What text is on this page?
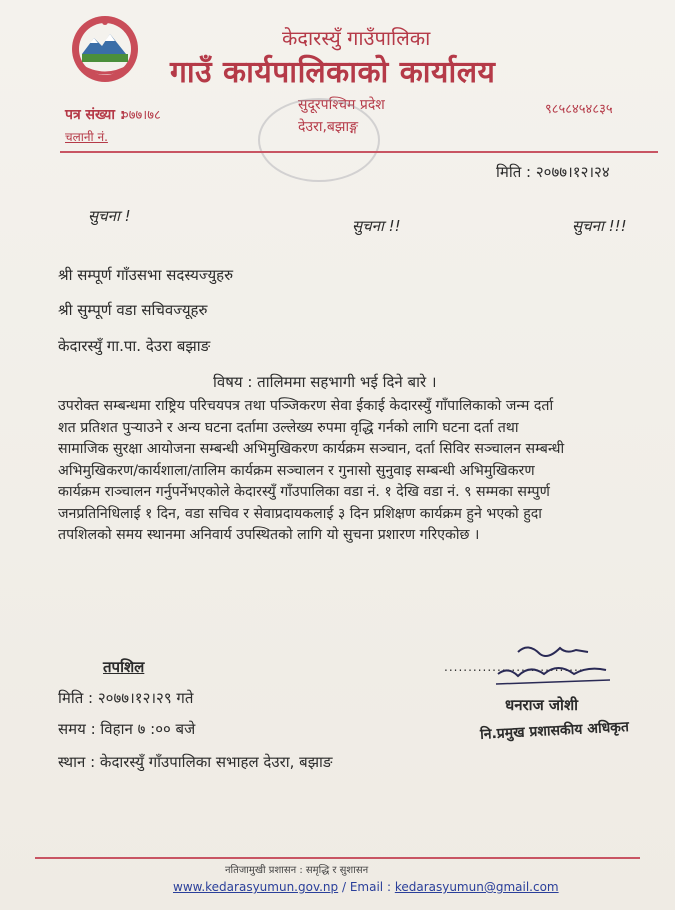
केदारस्युँ गाउँपालिका
गाउँ कार्यपालिकाको कार्यालय
सुदूरपश्चिम प्रदेश
देउरा,बझाङ्ग
९८५८४५४८३५
पत्र संख्या :
०७७।७८
चलानी नं.
मिति : २०७७।१२।२४
सुचना !
सुचना !!	सुचना !!!
श्री सम्पूर्ण गाँउसभा सदस्यज्युहरु
श्री सुम्पूर्ण वडा सचिवज्यूहरु
केदारस्युँ गा.पा. देउरा बझाङ
विषय : तालिममा सहभागी भई दिने बारे ।
उपरोक्त सम्बन्धमा राष्ट्रिय परिचयपत्र तथा पञ्जिकरण सेवा ईकाई केदारस्युँ गाँपालिकाको जन्म दर्ता
शत प्रतिशत पुऱ्याउने र अन्य घटना दर्तामा उल्लेख्य रुपमा वृद्धि गर्नको लागि घटना दर्ता तथा
सामाजिक सुरक्षा आयोजना सम्बन्धी अभिमुखिकरण कार्यक्रम सञ्चान, दर्ता सिविर सञ्चालन सम्बन्धी
अभिमुखिकरण/कार्यशाला/तालिम कार्यक्रम सञ्चालन र गुनासो सुनुवाइ सम्बन्धी अभिमुखिकरण
कार्यक्रम राञ्चालन गर्नुपर्नेभएकोले केदारस्युँ गाँउपालिका वडा नं. १ देखि वडा नं. ९ सम्मका सम्पुर्ण
जनप्रतिनिधिलाई १ दिन, वडा सचिव र सेवाप्रदायकलाई ३ दिन प्रशिक्षण कार्यक्रम हुने भएको हुदा
तपशिलको समय स्थानमा अनिवार्य उपस्थितको लागि यो सुचना प्रशारण गरिएकोछ ।
तपशिल
मिति : २०७७।१२।२९ गते
समय : विहान ७ :०० बजे
स्थान : केदारस्युँ गाँउपालिका सभाहल देउरा, बझाङ
.............................
धनराज जोशी
नि.प्रमुख प्रशासकीय अधिकृत
नतिजामुखी प्रशासन : समृद्धि र सुशासन
www.kedarasyumun.gov.np / Email : kedarasyumun@gmail.com
